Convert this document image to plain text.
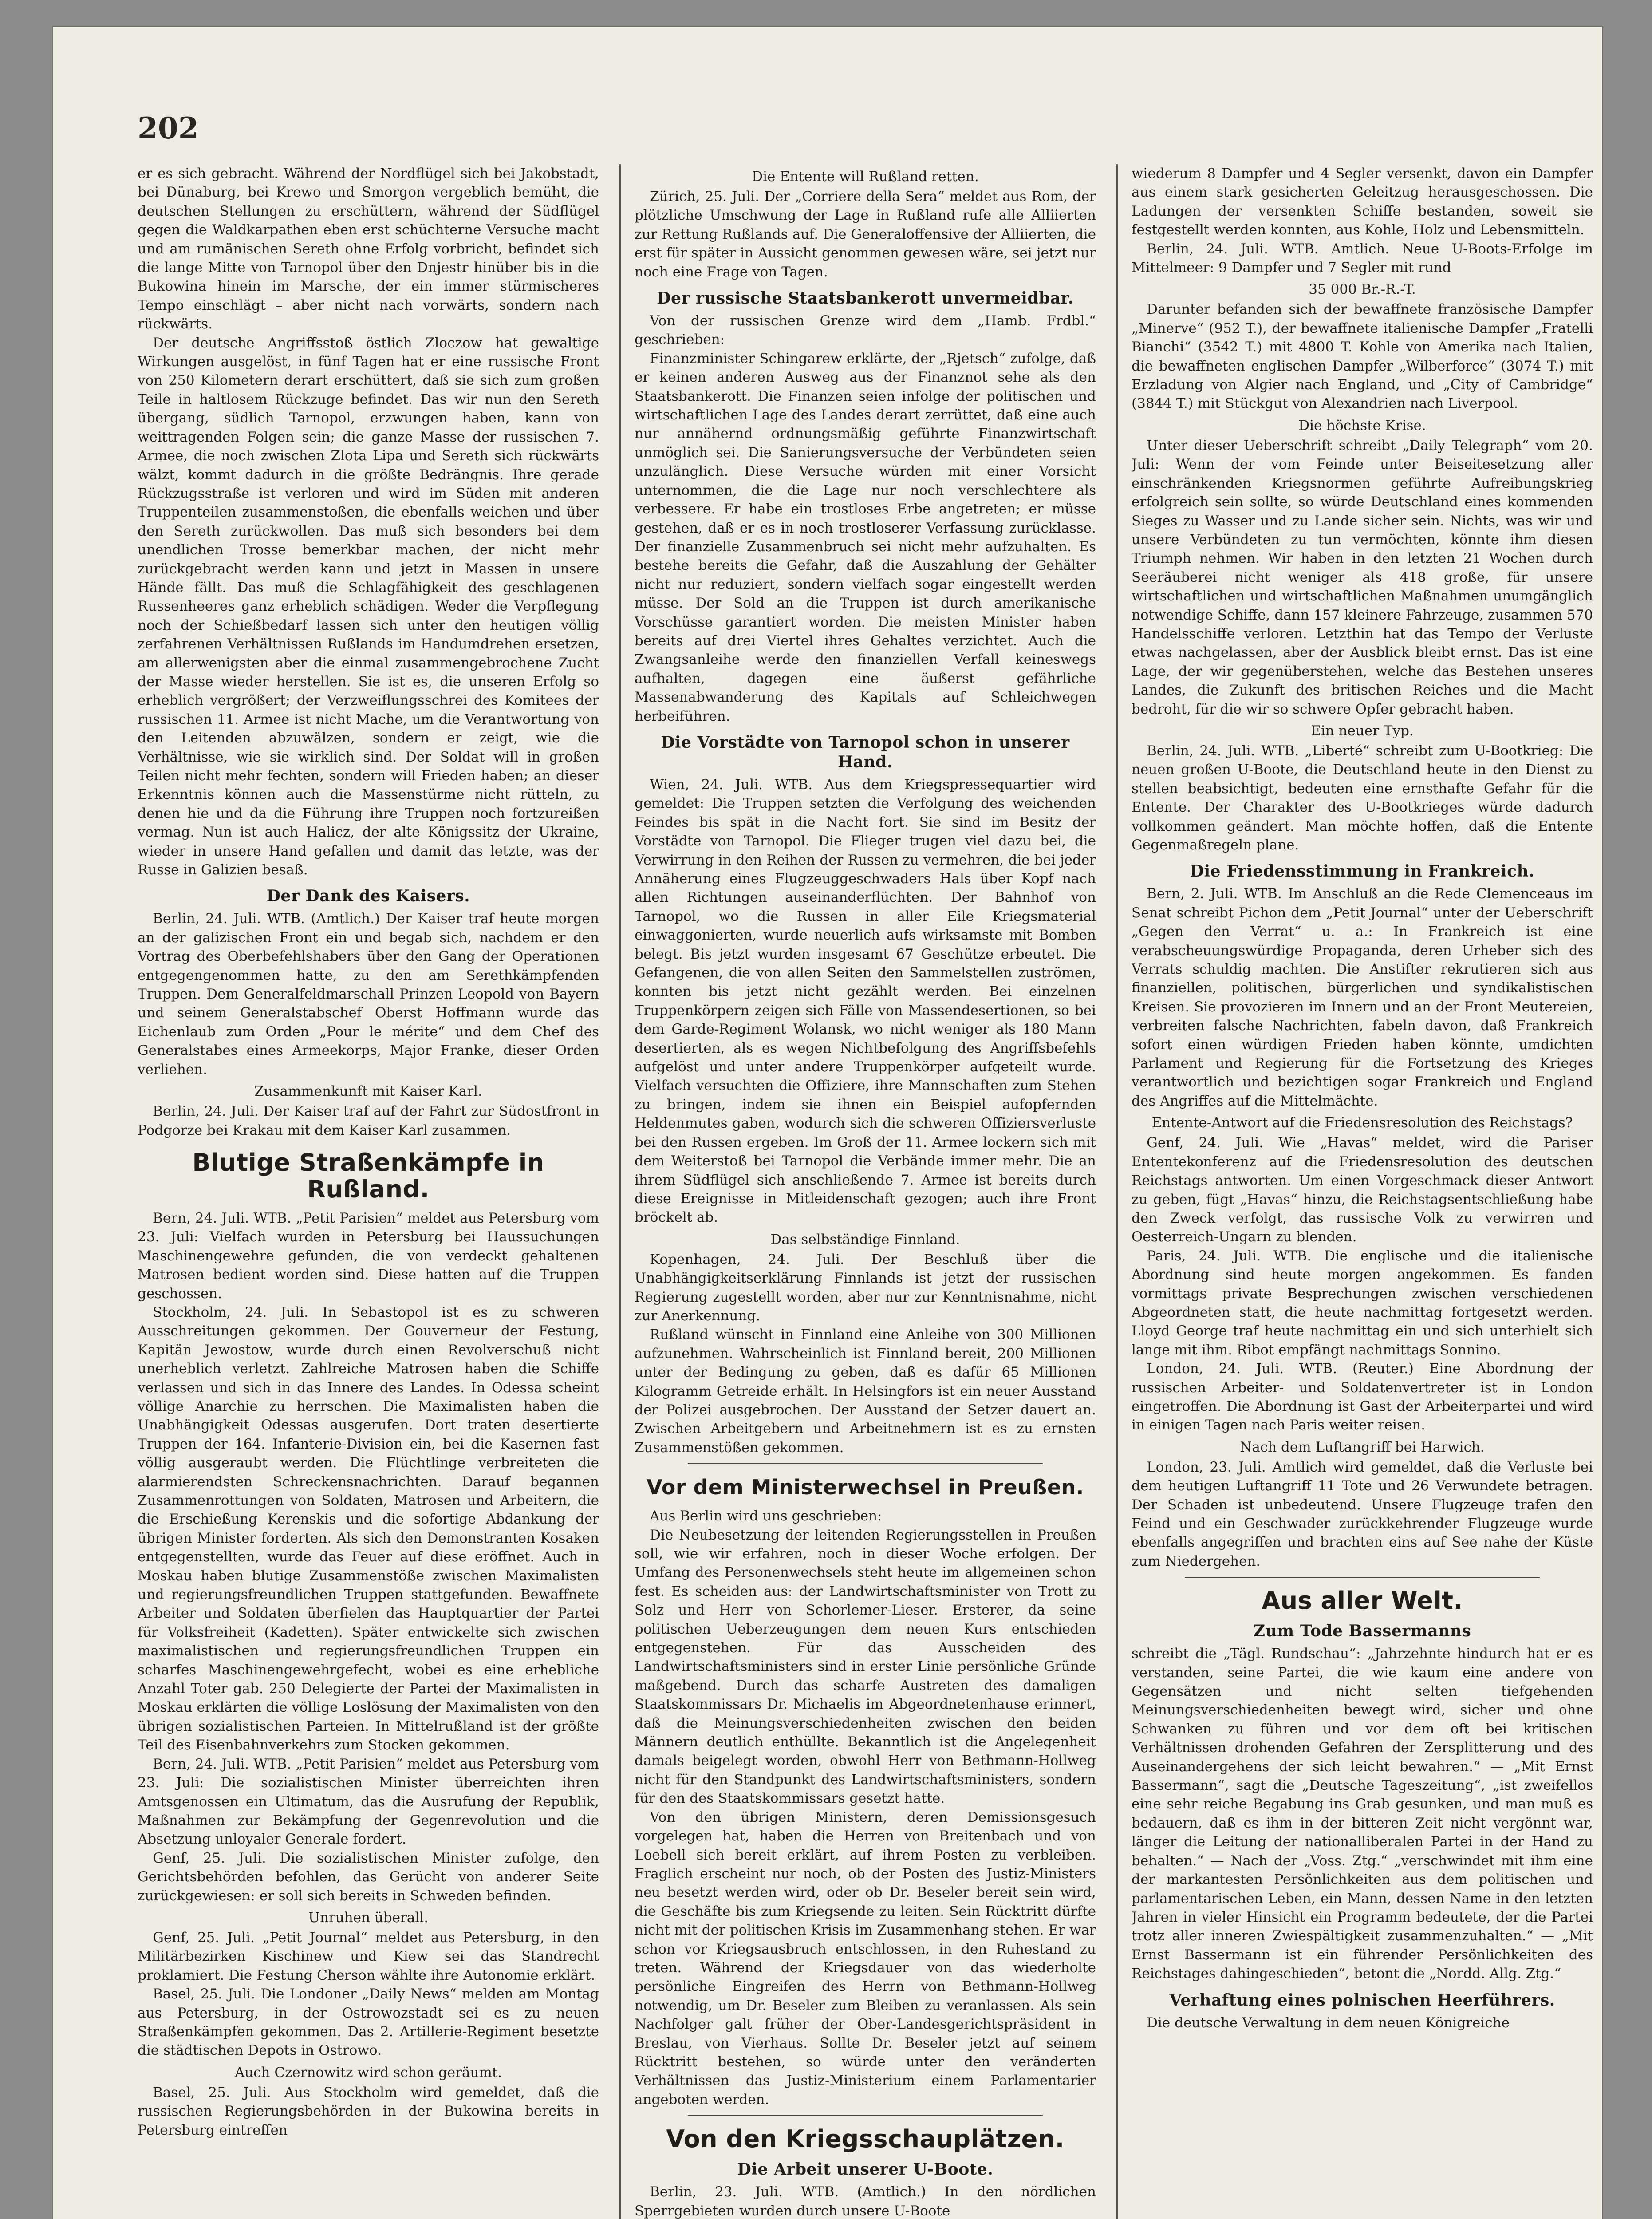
202

er es sich gebracht. Während der Nordflügel sich bei Jakobstadt, bei Dünaburg, bei Krewo und Smorgon vergeblich bemüht, die deutschen Stellungen zu erschüttern, während der Südflügel gegen die Waldkarpathen eben erst schüchterne Versuche macht und am rumänischen Sereth ohne Erfolg vorbricht, befindet sich die lange Mitte von Tarnopol über den Dnjestr hinüber bis in die Bukowina hinein im Marsche, der ein immer stürmischeres Tempo einschlägt – aber nicht nach vorwärts, sondern nach rückwärts.

Der deutsche Angriffsstoß östlich Zloczow hat gewaltige Wirkungen ausgelöst, in fünf Tagen hat er eine russische Front von 250 Kilometern derart erschüttert, daß sie sich zum großen Teile in haltlosem Rückzuge befindet. Das wir nun den Sereth übergang, südlich Tarnopol, erzwungen haben, kann von weittragenden Folgen sein; die ganze Masse der russischen 7. Armee, die noch zwischen Zlota Lipa und Sereth sich rückwärts wälzt, kommt dadurch in die größte Bedrängnis. Ihre gerade Rückzugsstraße ist verloren und wird im Süden mit anderen Truppenteilen zusammenstoßen, die ebenfalls weichen und über den Sereth zurückwollen. Das muß sich besonders bei dem unendlichen Trosse bemerkbar machen, der nicht mehr zurückgebracht werden kann und jetzt in Massen in unsere Hände fällt. Das muß die Schlagfähigkeit des geschlagenen Russenheeres ganz erheblich schädigen. Weder die Verpflegung noch der Schießbedarf lassen sich unter den heutigen völlig zerfahrenen Verhältnissen Rußlands im Handumdrehen ersetzen, am allerwenigsten aber die einmal zusammengebrochene Zucht der Masse wieder herstellen. Sie ist es, die unseren Erfolg so erheblich vergrößert; der Verzweiflungsschrei des Komitees der russischen 11. Armee ist nicht Mache, um die Verantwortung von den Leitenden abzuwälzen, sondern er zeigt, wie die Verhältnisse, wie sie wirklich sind. Der Soldat will in großen Teilen nicht mehr fechten, sondern will Frieden haben; an dieser Erkenntnis können auch die Massenstürme nicht rütteln, zu denen hie und da die Führung ihre Truppen noch fortzureißen vermag. Nun ist auch Halicz, der alte Königssitz der Ukraine, wieder in unsere Hand gefallen und damit das letzte, was der Russe in Galizien besaß.

Der Dank des Kaisers.

Berlin, 24. Juli. WTB. (Amtlich.) Der Kaiser traf heute morgen an der galizischen Front ein und begab sich, nachdem er den Vortrag des Oberbefehlshabers über den Gang der Operationen entgegengenommen hatte, zu den am Serethkämpfenden Truppen. Dem Generalfeldmarschall Prinzen Leopold von Bayern und seinem Generalstabschef Oberst Hoffmann wurde das Eichenlaub zum Orden „Pour le mérite“ und dem Chef des Generalstabes eines Armeekorps, Major Franke, dieser Orden verliehen.

Zusammenkunft mit Kaiser Karl.

Berlin, 24. Juli. Der Kaiser traf auf der Fahrt zur Südostfront in Podgorze bei Krakau mit dem Kaiser Karl zusammen.

Blutige Straßenkämpfe in Rußland.

Bern, 24. Juli. WTB. „Petit Parisien“ meldet aus Petersburg vom 23. Juli: Vielfach wurden in Petersburg bei Haussuchungen Maschinengewehre gefunden, die von verdeckt gehaltenen Matrosen bedient worden sind. Diese hatten auf die Truppen geschossen.

Stockholm, 24. Juli. In Sebastopol ist es zu schweren Ausschreitungen gekommen. Der Gouverneur der Festung, Kapitän Jewostow, wurde durch einen Revolverschuß nicht unerheblich verletzt. Zahlreiche Matrosen haben die Schiffe verlassen und sich in das Innere des Landes. In Odessa scheint völlige Anarchie zu herrschen. Die Maximalisten haben die Unabhängigkeit Odessas ausgerufen. Dort traten desertierte Truppen der 164. Infanterie-Division ein, bei die Kasernen fast völlig ausgeraubt werden. Die Flüchtlinge verbreiteten die alarmierendsten Schreckensnachrichten. Darauf begannen Zusammenrottungen von Soldaten, Matrosen und Arbeitern, die die Erschießung Kerenskis und die sofortige Abdankung der übrigen Minister forderten. Als sich den Demonstranten Kosaken entgegenstellten, wurde das Feuer auf diese eröffnet. Auch in Moskau haben blutige Zusammenstöße zwischen Maximalisten und regierungsfreundlichen Truppen stattgefunden. Bewaffnete Arbeiter und Soldaten überfielen das Hauptquartier der Partei für Volksfreiheit (Kadetten). Später entwickelte sich zwischen maximalistischen und regierungsfreundlichen Truppen ein scharfes Maschinengewehrgefecht, wobei es eine erhebliche Anzahl Toter gab. 250 Delegierte der Partei der Maximalisten in Moskau erklärten die völlige Loslösung der Maximalisten von den übrigen sozialistischen Parteien. In Mittelrußland ist der größte Teil des Eisenbahnverkehrs zum Stocken gekommen.

Bern, 24. Juli. WTB. „Petit Parisien“ meldet aus Petersburg vom 23. Juli: Die sozialistischen Minister überreichten ihren Amtsgenossen ein Ultimatum, das die Ausrufung der Republik, Maßnahmen zur Bekämpfung der Gegenrevolution und die Absetzung unloyaler Generale fordert.

Genf, 25. Juli. Die sozialistischen Minister zufolge, den Gerichtsbehörden befohlen, das Gerücht von anderer Seite zurückgewiesen: er soll sich bereits in Schweden befinden.

Unruhen überall.

Genf, 25. Juli. „Petit Journal“ meldet aus Petersburg, in den Militärbezirken Kischinew und Kiew sei das Standrecht proklamiert. Die Festung Cherson wählte ihre Autonomie erklärt.

Basel, 25. Juli. Die Londoner „Daily News“ melden am Montag aus Petersburg, in der Ostrowozstadt sei es zu neuen Straßenkämpfen gekommen. Das 2. Artillerie-Regiment besetzte die städtischen Depots in Ostrowo.

Auch Czernowitz wird schon geräumt.

Basel, 25. Juli. Aus Stockholm wird gemeldet, daß die russischen Regierungsbehörden in der Bukowina bereits in Petersburg eintreffen

Die Entente will Rußland retten.

Zürich, 25. Juli. Der „Corriere della Sera“ meldet aus Rom, der plötzliche Umschwung der Lage in Rußland rufe alle Alliierten zur Rettung Rußlands auf. Die Generaloffensive der Alliierten, die erst für später in Aussicht genommen gewesen wäre, sei jetzt nur noch eine Frage von Tagen.

Der russische Staatsbankerott unvermeidbar.

Von der russischen Grenze wird dem „Hamb. Frdbl.“ geschrieben:

Finanzminister Schingarew erklärte, der „Rjetsch“ zufolge, daß er keinen anderen Ausweg aus der Finanznot sehe als den Staatsbankerott. Die Finanzen seien infolge der politischen und wirtschaftlichen Lage des Landes derart zerrüttet, daß eine auch nur annähernd ordnungsmäßig geführte Finanzwirtschaft unmöglich sei. Die Sanierungsversuche der Verbündeten seien unzulänglich. Diese Versuche würden mit einer Vorsicht unternommen, die die Lage nur noch verschlechtere als verbessere. Er habe ein trostloses Erbe angetreten; er müsse gestehen, daß er es in noch trostloserer Verfassung zurücklasse. Der finanzielle Zusammenbruch sei nicht mehr aufzuhalten. Es bestehe bereits die Gefahr, daß die Auszahlung der Gehälter nicht nur reduziert, sondern vielfach sogar eingestellt werden müsse. Der Sold an die Truppen ist durch amerikanische Vorschüsse garantiert worden. Die meisten Minister haben bereits auf drei Viertel ihres Gehaltes verzichtet. Auch die Zwangsanleihe werde den finanziellen Verfall keineswegs aufhalten, dagegen eine äußerst gefährliche Massenabwanderung des Kapitals auf Schleichwegen herbeiführen.

Die Vorstädte von Tarnopol schon in unserer Hand.

Wien, 24. Juli. WTB. Aus dem Kriegspressequartier wird gemeldet: Die Truppen setzten die Verfolgung des weichenden Feindes bis spät in die Nacht fort. Sie sind im Besitz der Vorstädte von Tarnopol. Die Flieger trugen viel dazu bei, die Verwirrung in den Reihen der Russen zu vermehren, die bei jeder Annäherung eines Flugzeuggeschwaders Hals über Kopf nach allen Richtungen auseinanderflüchten. Der Bahnhof von Tarnopol, wo die Russen in aller Eile Kriegsmaterial einwaggonierten, wurde neuerlich aufs wirksamste mit Bomben belegt. Bis jetzt wurden insgesamt 67 Geschütze erbeutet. Die Gefangenen, die von allen Seiten den Sammelstellen zuströmen, konnten bis jetzt nicht gezählt werden. Bei einzelnen Truppenkörpern zeigen sich Fälle von Massendesertionen, so bei dem Garde-Regiment Wolansk, wo nicht weniger als 180 Mann desertierten, als es wegen Nichtbefolgung des Angriffsbefehls aufgelöst und unter andere Truppenkörper aufgeteilt wurde. Vielfach versuchten die Offiziere, ihre Mannschaften zum Stehen zu bringen, indem sie ihnen ein Beispiel aufopfernden Heldenmutes gaben, wodurch sich die schweren Offiziersverluste bei den Russen ergeben. Im Groß der 11. Armee lockern sich mit dem Weiterstoß bei Tarnopol die Verbände immer mehr. Die an ihrem Südflügel sich anschließende 7. Armee ist bereits durch diese Ereignisse in Mitleidenschaft gezogen; auch ihre Front bröckelt ab.

Das selbständige Finnland.

Kopenhagen, 24. Juli. Der Beschluß über die Unabhängigkeitserklärung Finnlands ist jetzt der russischen Regierung zugestellt worden, aber nur zur Kenntnisnahme, nicht zur Anerkennung.

Rußland wünscht in Finnland eine Anleihe von 300 Millionen aufzunehmen. Wahrscheinlich ist Finnland bereit, 200 Millionen unter der Bedingung zu geben, daß es dafür 65 Millionen Kilogramm Getreide erhält. In Helsingfors ist ein neuer Ausstand der Polizei ausgebrochen. Der Ausstand der Setzer dauert an. Zwischen Arbeitgebern und Arbeitnehmern ist es zu ernsten Zusammenstößen gekommen.

Vor dem Ministerwechsel in Preußen.

Aus Berlin wird uns geschrieben:

Die Neubesetzung der leitenden Regierungsstellen in Preußen soll, wie wir erfahren, noch in dieser Woche erfolgen. Der Umfang des Personenwechsels steht heute im allgemeinen schon fest. Es scheiden aus: der Landwirtschaftsminister von Trott zu Solz und Herr von Schorlemer-Lieser. Ersterer, da seine politischen Ueberzeugungen dem neuen Kurs entschieden entgegenstehen. Für das Ausscheiden des Landwirtschaftsministers sind in erster Linie persönliche Gründe maßgebend. Durch das scharfe Austreten des damaligen Staatskommissars Dr. Michaelis im Abgeordnetenhause erinnert, daß die Meinungsverschiedenheiten zwischen den beiden Männern deutlich enthüllte. Bekanntlich ist die Angelegenheit damals beigelegt worden, obwohl Herr von Bethmann-Hollweg nicht für den Standpunkt des Landwirtschaftsministers, sondern für den des Staatskommissars gesetzt hatte.

Von den übrigen Ministern, deren Demissionsgesuch vorgelegen hat, haben die Herren von Breitenbach und von Loebell sich bereit erklärt, auf ihrem Posten zu verbleiben. Fraglich erscheint nur noch, ob der Posten des Justiz-Ministers neu besetzt werden wird, oder ob Dr. Beseler bereit sein wird, die Geschäfte bis zum Kriegsende zu leiten. Sein Rücktritt dürfte nicht mit der politischen Krisis im Zusammenhang stehen. Er war schon vor Kriegsausbruch entschlossen, in den Ruhestand zu treten. Während der Kriegsdauer von das wiederholte persönliche Eingreifen des Herrn von Bethmann-Hollweg notwendig, um Dr. Beseler zum Bleiben zu veranlassen. Als sein Nachfolger galt früher der Ober-Landesgerichtspräsident in Breslau, von Vierhaus. Sollte Dr. Beseler jetzt auf seinem Rücktritt bestehen, so würde unter den veränderten Verhältnissen das Justiz-Ministerium einem Parlamentarier angeboten werden.

Von den Kriegsschauplätzen.
Die Arbeit unserer U-Boote.

Berlin, 23. Juli. WTB. (Amtlich.) In den nördlichen Sperrgebieten wurden durch unsere U-Boote

wiederum 8 Dampfer und 4 Segler versenkt, davon ein Dampfer aus einem stark gesicherten Geleitzug herausgeschossen. Die Ladungen der versenkten Schiffe bestanden, soweit sie festgestellt werden konnten, aus Kohle, Holz und Lebensmitteln.

Berlin, 24. Juli. WTB. Amtlich. Neue U-Boots-Erfolge im Mittelmeer: 9 Dampfer und 7 Segler mit rund

35 000 Br.-R.-T.

Darunter befanden sich der bewaffnete französische Dampfer „Minerve“ (952 T.), der bewaffnete italienische Dampfer „Fratelli Bianchi“ (3542 T.) mit 4800 T. Kohle von Amerika nach Italien, die bewaffneten englischen Dampfer „Wilberforce“ (3074 T.) mit Erzladung von Algier nach England, und „City of Cambridge“ (3844 T.) mit Stückgut von Alexandrien nach Liverpool.

Die höchste Krise.

Unter dieser Ueberschrift schreibt „Daily Telegraph“ vom 20. Juli: Wenn der vom Feinde unter Beiseitesetzung aller einschränkenden Kriegsnormen geführte Aufreibungskrieg erfolgreich sein sollte, so würde Deutschland eines kommenden Sieges zu Wasser und zu Lande sicher sein. Nichts, was wir und unsere Verbündeten zu tun vermöchten, könnte ihm diesen Triumph nehmen. Wir haben in den letzten 21 Wochen durch Seeräuberei nicht weniger als 418 große, für unsere wirtschaftlichen und wirtschaftlichen Maßnahmen unumgänglich notwendige Schiffe, dann 157 kleinere Fahrzeuge, zusammen 570 Handelsschiffe verloren. Letzthin hat das Tempo der Verluste etwas nachgelassen, aber der Ausblick bleibt ernst. Das ist eine Lage, der wir gegenüberstehen, welche das Bestehen unseres Landes, die Zukunft des britischen Reiches und die Macht bedroht, für die wir so schwere Opfer gebracht haben.

Ein neuer Typ.

Berlin, 24. Juli. WTB. „Liberté“ schreibt zum U-Bootkrieg: Die neuen großen U-Boote, die Deutschland heute in den Dienst zu stellen beabsichtigt, bedeuten eine ernsthafte Gefahr für die Entente. Der Charakter des U-Bootkrieges würde dadurch vollkommen geändert. Man möchte hoffen, daß die Entente Gegenmaßregeln plane.

Die Friedensstimmung in Frankreich.

Bern, 2. Juli. WTB. Im Anschluß an die Rede Clemenceaus im Senat schreibt Pichon dem „Petit Journal“ unter der Ueberschrift „Gegen den Verrat“ u. a.: In Frankreich ist eine verabscheuungswürdige Propaganda, deren Urheber sich des Verrats schuldig machten. Die Anstifter rekrutieren sich aus finanziellen, politischen, bürgerlichen und syndikalistischen Kreisen. Sie provozieren im Innern und an der Front Meutereien, verbreiten falsche Nachrichten, fabeln davon, daß Frankreich sofort einen würdigen Frieden haben könnte, umdichten Parlament und Regierung für die Fortsetzung des Krieges verantwortlich und bezichtigen sogar Frankreich und England des Angriffes auf die Mittelmächte.

Entente-Antwort auf die Friedensresolution des Reichstags?

Genf, 24. Juli. Wie „Havas“ meldet, wird die Pariser Ententekonferenz auf die Friedensresolution des deutschen Reichstags antworten. Um einen Vorgeschmack dieser Antwort zu geben, fügt „Havas“ hinzu, die Reichstagsentschließung habe den Zweck verfolgt, das russische Volk zu verwirren und Oesterreich-Ungarn zu blenden.

Paris, 24. Juli. WTB. Die englische und die italienische Abordnung sind heute morgen angekommen. Es fanden vormittags private Besprechungen zwischen verschiedenen Abgeordneten statt, die heute nachmittag fortgesetzt werden. Lloyd George traf heute nachmittag ein und sich unterhielt sich lange mit ihm. Ribot empfängt nachmittags Sonnino.

London, 24. Juli. WTB. (Reuter.) Eine Abordnung der russischen Arbeiter- und Soldatenvertreter ist in London eingetroffen. Die Abordnung ist Gast der Arbeiterpartei und wird in einigen Tagen nach Paris weiter reisen.

Nach dem Luftangriff bei Harwich.

London, 23. Juli. Amtlich wird gemeldet, daß die Verluste bei dem heutigen Luftangriff 11 Tote und 26 Verwundete betragen. Der Schaden ist unbedeutend. Unsere Flugzeuge trafen den Feind und ein Geschwader zurückkehrender Flugzeuge wurde ebenfalls angegriffen und brachten eins auf See nahe der Küste zum Niedergehen.

Aus aller Welt.
Zum Tode Bassermanns

schreibt die „Tägl. Rundschau“: „Jahrzehnte hindurch hat er es verstanden, seine Partei, die wie kaum eine andere von Gegensätzen und nicht selten tiefgehenden Meinungsverschiedenheiten bewegt wird, sicher und ohne Schwanken zu führen und vor dem oft bei kritischen Verhältnissen drohenden Gefahren der Zersplitterung und des Auseinandergehens der sich leicht bewahren.“ — „Mit Ernst Bassermann“, sagt die „Deutsche Tageszeitung“, „ist zweifellos eine sehr reiche Begabung ins Grab gesunken, und man muß es bedauern, daß es ihm in der bitteren Zeit nicht vergönnt war, länger die Leitung der nationalliberalen Partei in der Hand zu behalten.“ — Nach der „Voss. Ztg.“ „verschwindet mit ihm eine der markantesten Persönlichkeiten aus dem politischen und parlamentarischen Leben, ein Mann, dessen Name in den letzten Jahren in vieler Hinsicht ein Programm bedeutete, der die Partei trotz aller inneren Zwiespältigkeit zusammenzuhalten.“ — „Mit Ernst Bassermann ist ein führender Persönlichkeiten des Reichstages dahingeschieden“, betont die „Nordd. Allg. Ztg.“

Verhaftung eines polnischen Heerführers.

Die deutsche Verwaltung in dem neuen Königreiche
